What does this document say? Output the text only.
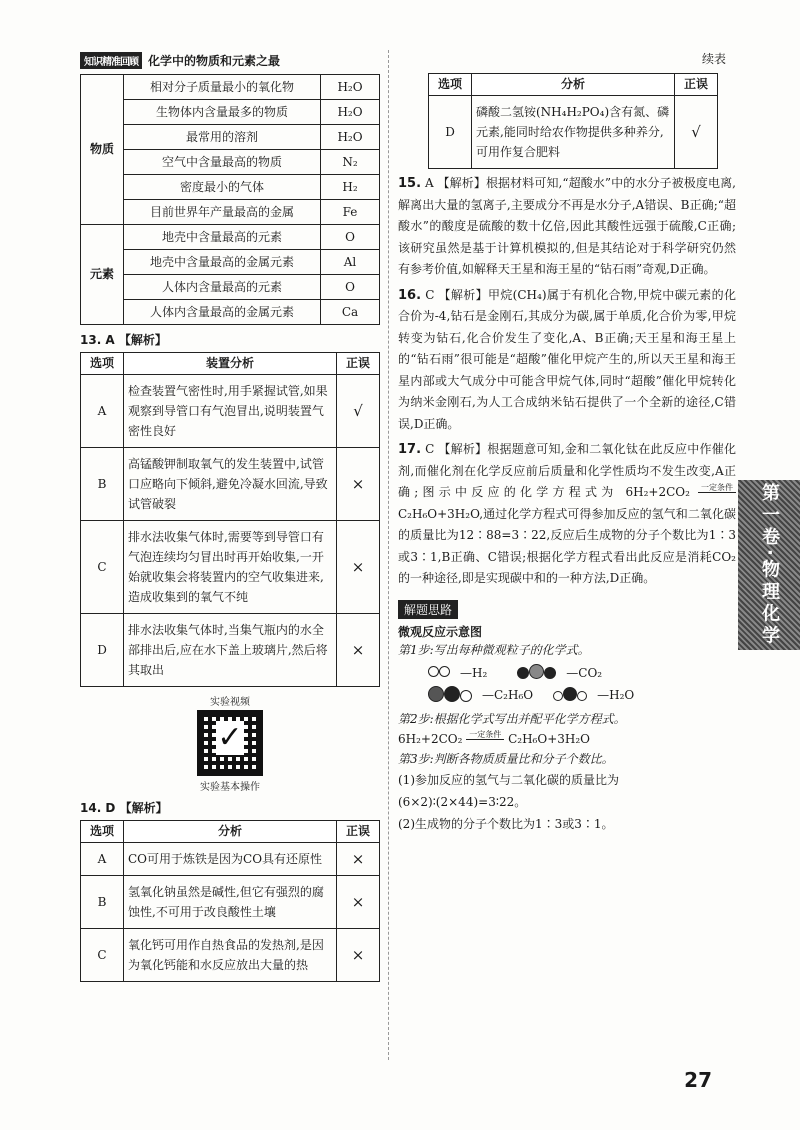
知识精准回顾 化学中的物质和元素之最
物质	相对分子质量最小的氧化物	H₂O
	生物体内含量最多的物质	H₂O
	最常用的溶剂	H₂O
	空气中含量最高的物质	N₂
	密度最小的气体	H₂
	目前世界年产量最高的金属	Fe
元素	地壳中含量最高的元素	O
	地壳中含量最高的金属元素	Al
	人体内含量最高的元素	O
	人体内含量最高的金属元素	Ca
13. A 【解析】
选项	装置分析	正误
A	检查装置气密性时,用手紧握试管,如果观察到导管口有气泡冒出,说明装置气密性良好	√
B	高锰酸钾制取氧气的发生装置中,试管口应略向下倾斜,避免冷凝水回流,导致试管破裂	×
C	排水法收集气体时,需要等到导管口有气泡连续均匀冒出时再开始收集,一开始就收集会将装置内的空气收集进来,造成收集到的氧气不纯	×
D	排水法收集气体时,当集气瓶内的水全部排出后,应在水下盖上玻璃片,然后将其取出	×
实验视频
✓
实验基本操作
14. D 【解析】
选项	分析	正误
A	CO可用于炼铁是因为CO具有还原性	×
B	氢氧化钠虽然是碱性,但它有强烈的腐蚀性,不可用于改良酸性土壤	×
C	氧化钙可用作自热食品的发热剂,是因为氧化钙能和水反应放出大量的热	×
续表
选项	分析	正误
D	磷酸二氢铵(NH₄H₂PO₄)含有氮、磷元素,能同时给农作物提供多种养分,可用作复合肥料	√
15. A 【解析】根据材料可知,“超酸水”中的水分子被极度电离,解离出大量的氢离子,主要成分不再是水分子,A错误、B正确;“超酸水”的酸度是硫酸的数十亿倍,因此其酸性远强于硫酸,C正确;该研究虽然是基于计算机模拟的,但是其结论对于科学研究仍然有参考价值,如解释天王星和海王星的“钻石雨”奇观,D正确。
16. C 【解析】甲烷(CH₄)属于有机化合物,甲烷中碳元素的化合价为-4,钻石是金刚石,其成分为碳,属于单质,化合价为零,甲烷转变为钻石,化合价发生了变化,A、B正确;天王星和海王星上的“钻石雨”很可能是“超酸”催化甲烷产生的,所以天王星和海王星内部或大气成分中可能含甲烷气体,同时“超酸”催化甲烷转化为纳米金刚石,为人工合成纳米钻石提供了一个全新的途径,C错误,D正确。
17. C 【解析】根据题意可知,金和二氧化钛在此反应中作催化剂,而催化剂在化学反应前后质量和化学性质均不发生改变,A正确;图示中反应的化学方程式为 6H₂+2CO₂ 一定条件 C₂H₆O+3H₂O,通过化学方程式可得参加反应的氢气和二氧化碳的质量比为12∶88=3∶22,反应后生成物的分子个数比为1∶3或3∶1,B正确、C错误;根据化学方程式看出此反应是消耗CO₂的一种途径,即是实现碳中和的一种方法,D正确。
解题思路
微观反应示意图
第1步:写出每种微观粒子的化学式。
—H₂	—CO₂
—C₂H₆O	—H₂O
第2步:根据化学式写出并配平化学方程式。
6H₂+2CO₂ 一定条件 C₂H₆O+3H₂O
第3步:判断各物质质量比和分子个数比。
(1)参加反应的氢气与二氧化碳的质量比为
(6×2)∶(2×44)=3∶22。
(2)生成物的分子个数比为1∶3或3∶1。
第一卷·物理化学
27
